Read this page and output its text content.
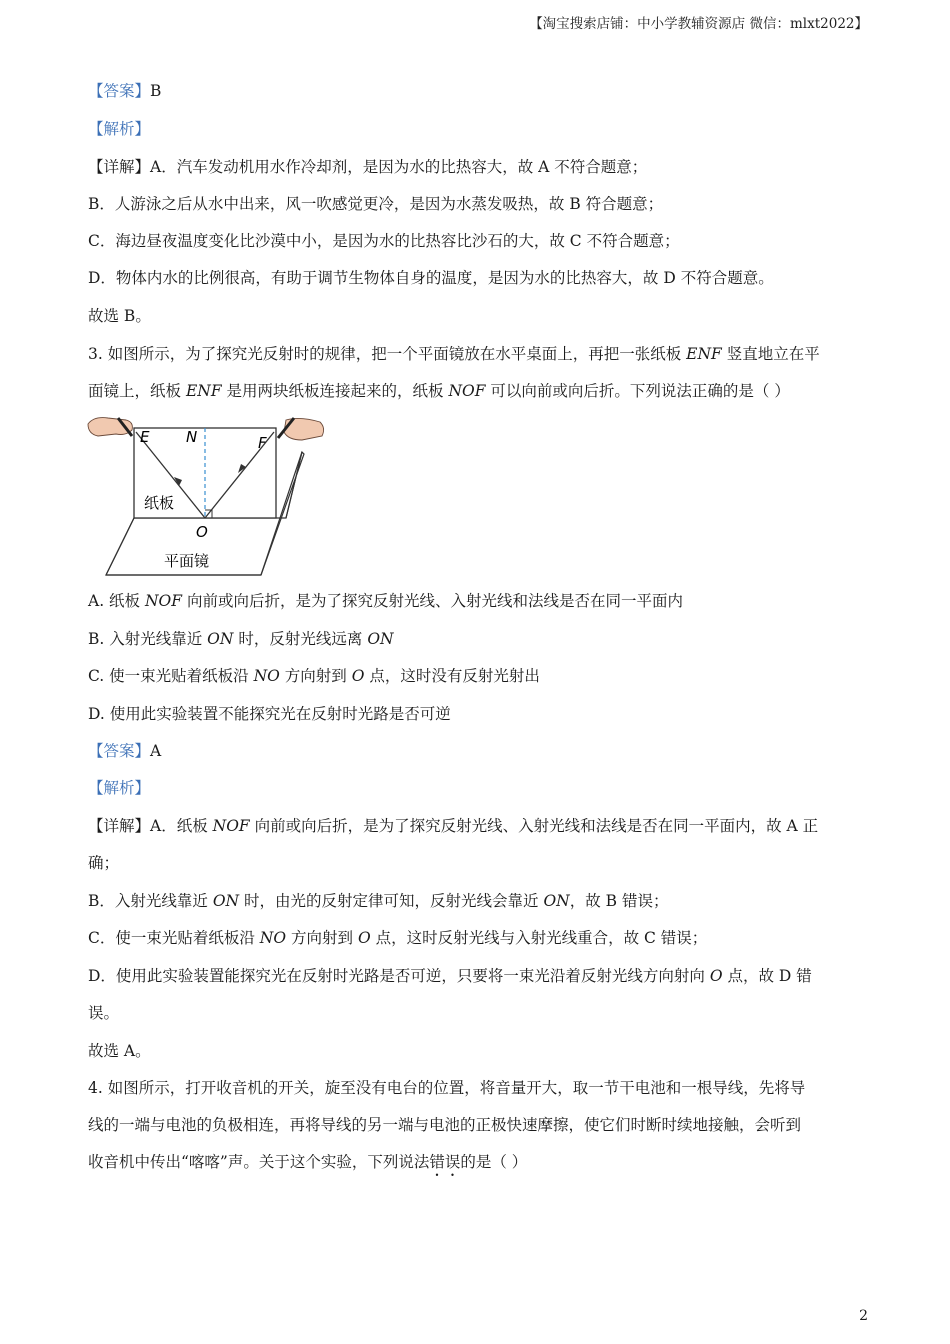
【淘宝搜索店铺：中小学教辅资源店 微信：mlxt2022】
【答案】B
【解析】
【详解】A．汽车发动机用水作冷却剂，是因为水的比热容大，故 A 不符合题意；
B．人游泳之后从水中出来，风一吹感觉更冷，是因为水蒸发吸热，故 B 符合题意；
C．海边昼夜温度变化比沙漠中小，是因为水的比热容比沙石的大，故 C 不符合题意；
D．物体内水的比例很高，有助于调节生物体自身的温度，是因为水的比热容大，故 D 不符合题意。
故选 B。
3. 如图所示，为了探究光反射时的规律，把一个平面镜放在水平桌面上，再把一张纸板 ENF 竖直地立在平
面镜上，纸板 ENF 是用两块纸板连接起来的，纸板 NOF 可以向前或向后折。下列说法正确的是（ ）
E N	F
O
纸板
平面镜
A. 纸板 NOF 向前或向后折，是为了探究反射光线、入射光线和法线是否在同一平面内
B. 入射光线靠近 ON 时，反射光线远离 ON
C. 使一束光贴着纸板沿 NO 方向射到 O 点，这时没有反射光射出
D. 使用此实验装置不能探究光在反射时光路是否可逆
【答案】A
【解析】
【详解】A．纸板 NOF 向前或向后折，是为了探究反射光线、入射光线和法线是否在同一平面内，故 A 正
确；
B．入射光线靠近 ON 时，由光的反射定律可知，反射光线会靠近 ON，故 B 错误；
C．使一束光贴着纸板沿 NO 方向射到 O 点，这时反射光线与入射光线重合，故 C 错误；
D．使用此实验装置能探究光在反射时光路是否可逆，只要将一束光沿着反射光线方向射向 O 点，故 D 错
误。
故选 A。
4. 如图所示，打开收音机的开关，旋至没有电台的位置，将音量开大，取一节干电池和一根导线，先将导
线的一端与电池的负极相连，再将导线的另一端与电池的正极快速摩擦，使它们时断时续地接触，会听到
收音机中传出“喀喀”声。关于这个实验，下列说法错误的是（ ）
2
